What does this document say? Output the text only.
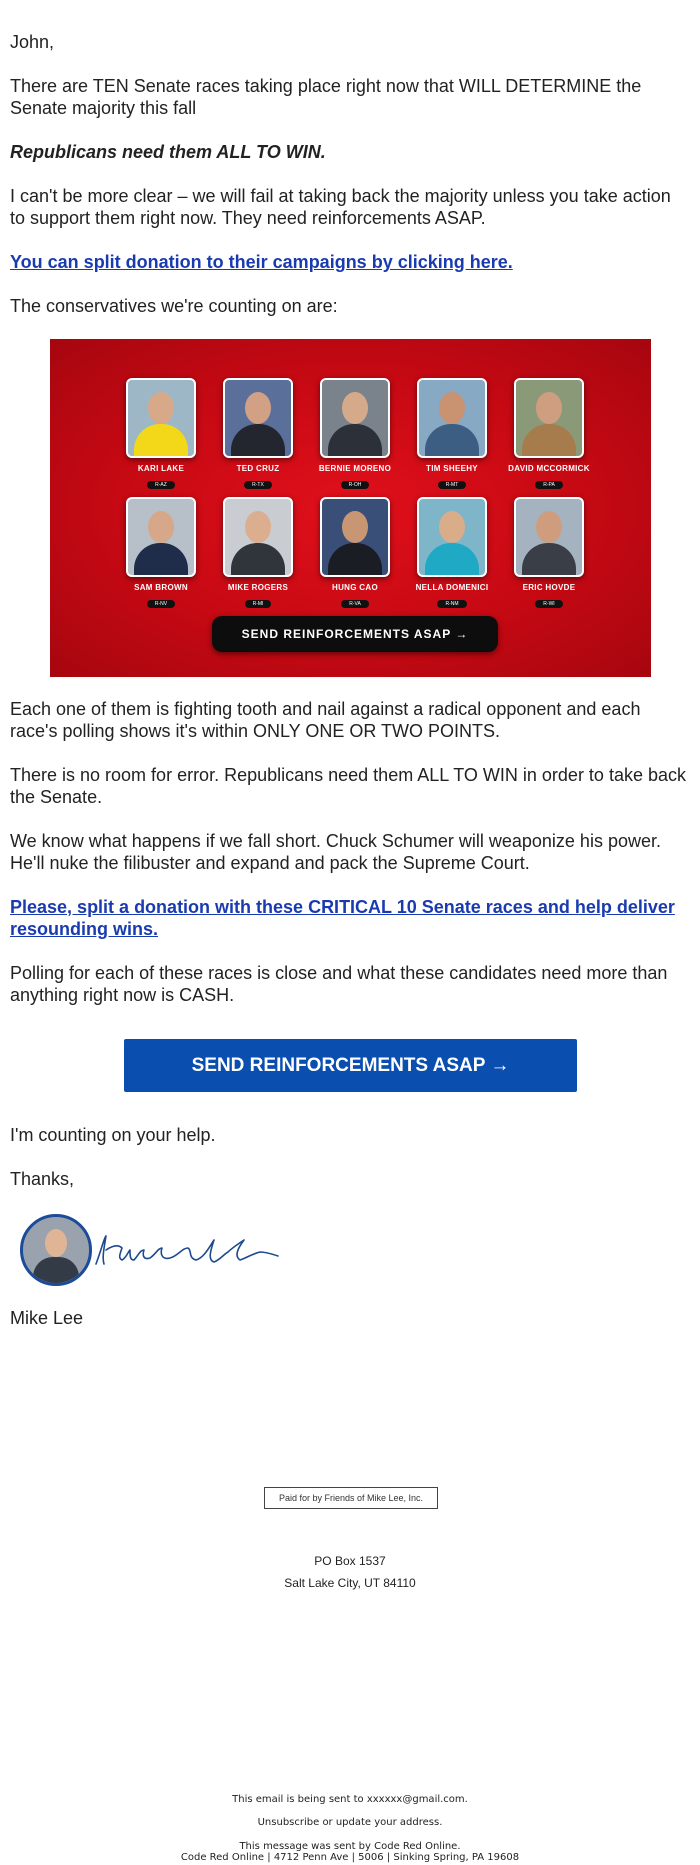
John,

There are TEN Senate races taking place right now that WILL DETERMINE the Senate majority this fall

Republicans need them ALL TO WIN.

I can't be more clear – we will fail at taking back the majority unless you take action to support them right now. They need reinforcements ASAP.

You can split donation to their campaigns by clicking here.

The conservatives we're counting on are:

Each one of them is fighting tooth and nail against a radical opponent and each race's polling shows it's within ONLY ONE OR TWO POINTS.

There is no room for error. Republicans need them ALL TO WIN in order to take back the Senate.

We know what happens if we fall short. Chuck Schumer will weaponize his power. He'll nuke the filibuster and expand and pack the Supreme Court.

Please, split a donation with these CRITICAL 10 Senate races and help deliver resounding wins.

Polling for each of these races is close and what these candidates need more than anything right now is CASH.

I'm counting on your help.

Thanks,

Mike Lee

KARI LAKE
R-AZ
TED CRUZ
R-TX
BERNIE MORENO
R-OH
TIM SHEEHY
R-MT
DAVID MCCORMICK
R-PA
SAM BROWN
R-NV
MIKE ROGERS
R-MI
HUNG CAO
R-VA
NELLA DOMENICI
R-NM
ERIC HOVDE
R-WI
SEND REINFORCEMENTS ASAP →
SEND REINFORCEMENTS ASAP →
Paid for by Friends of Mike Lee, Inc.
PO Box 1537
Salt Lake City, UT 84110
This email is being sent to xxxxxx@gmail.com.
Unsubscribe or update your address.
This message was sent by Code Red Online.
Code Red Online | 4712 Penn Ave | 5006 | Sinking Spring, PA 19608
